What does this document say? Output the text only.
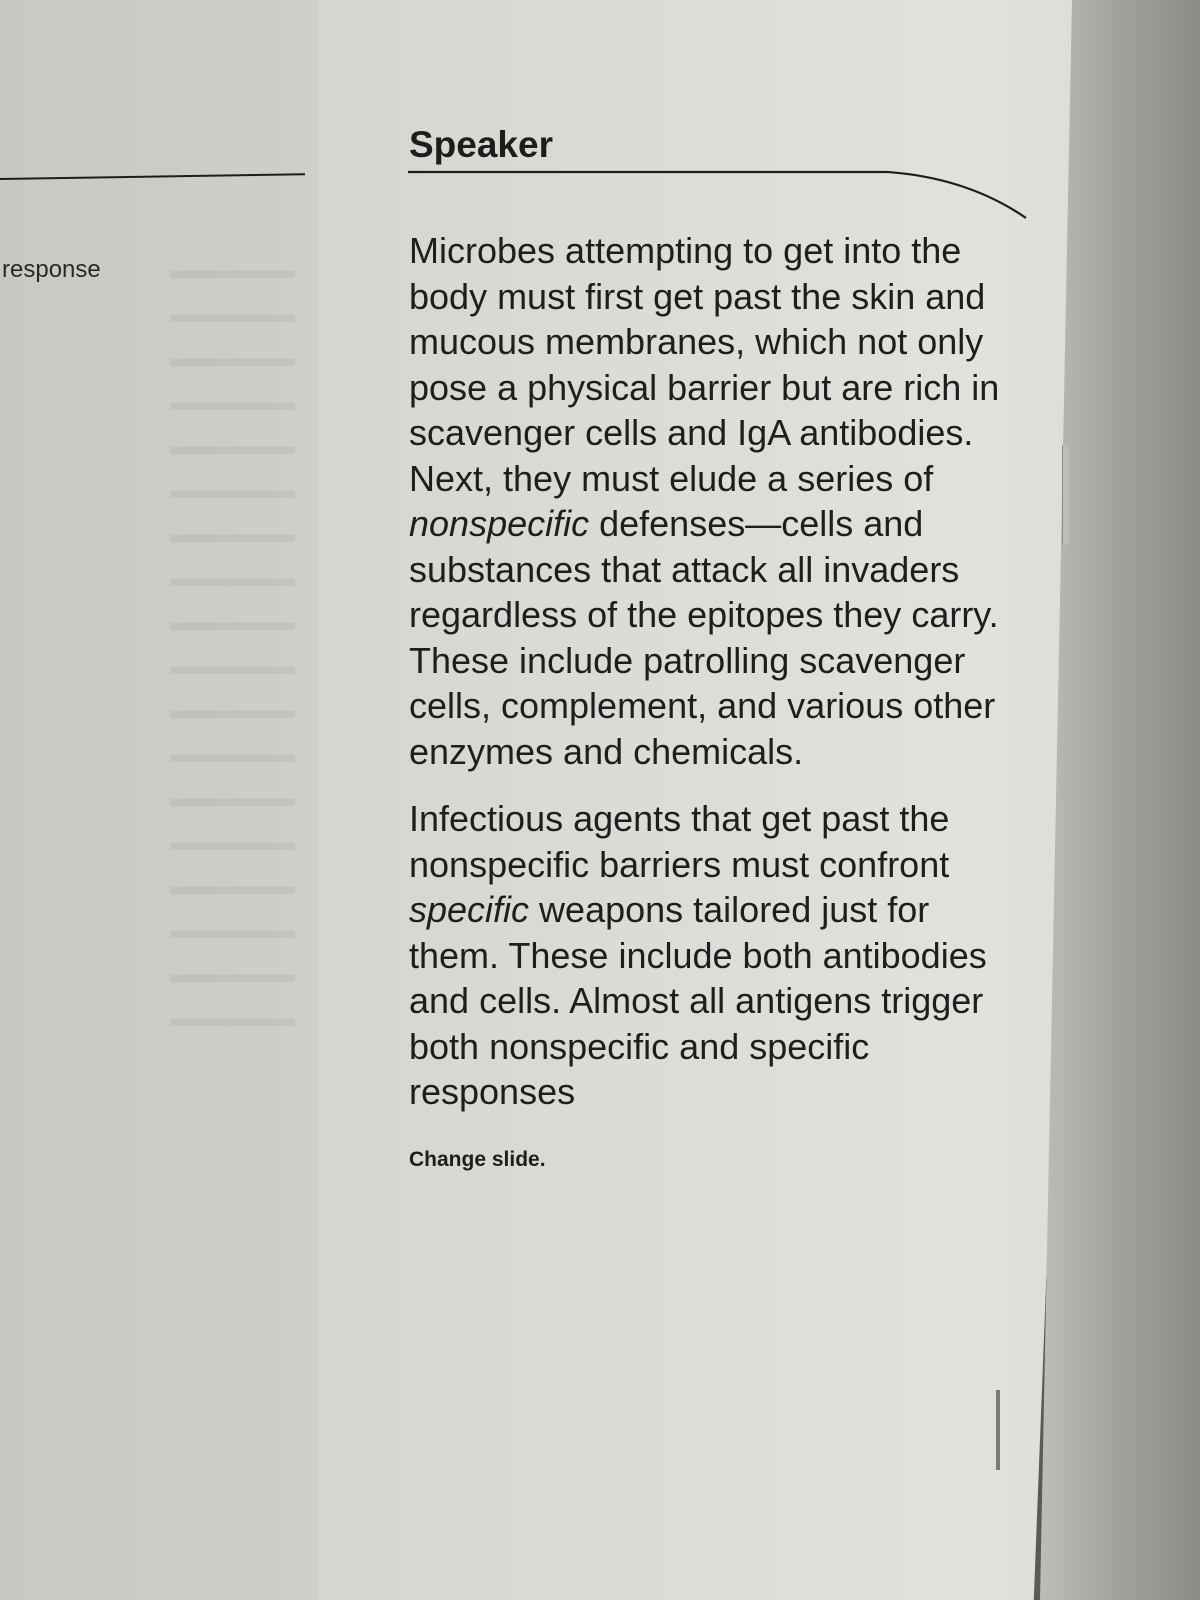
response	▬▬▬▬▬
▬▬▬▬▬
▬▬▬▬▬
▬▬▬▬▬
▬▬▬▬▬
▬▬▬▬▬
▬▬▬▬▬
▬▬▬▬▬
▬▬▬▬▬
▬▬▬▬▬
▬▬▬▬▬
▬▬▬▬▬
▬▬▬▬▬
▬▬▬▬▬
▬▬▬▬▬
▬▬▬▬▬
▬▬▬▬▬
▬▬▬▬▬
Speaker

Microbes attempting to get into the body must first get past the skin and mucous membranes, which not only pose a physical barrier but are rich in scavenger cells and IgA antibodies. Next, they must elude a series of nonspecific defenses—cells and substances that attack all invaders regardless of the epitopes they carry. These include patrolling scavenger cells, complement, and various other enzymes and chemicals.

Infectious agents that get past the nonspecific barriers must confront specific weapons tailored just for them. These include both antibodies and cells. Almost all antigens trigger both nonspecific and specific responses

Change slide.
